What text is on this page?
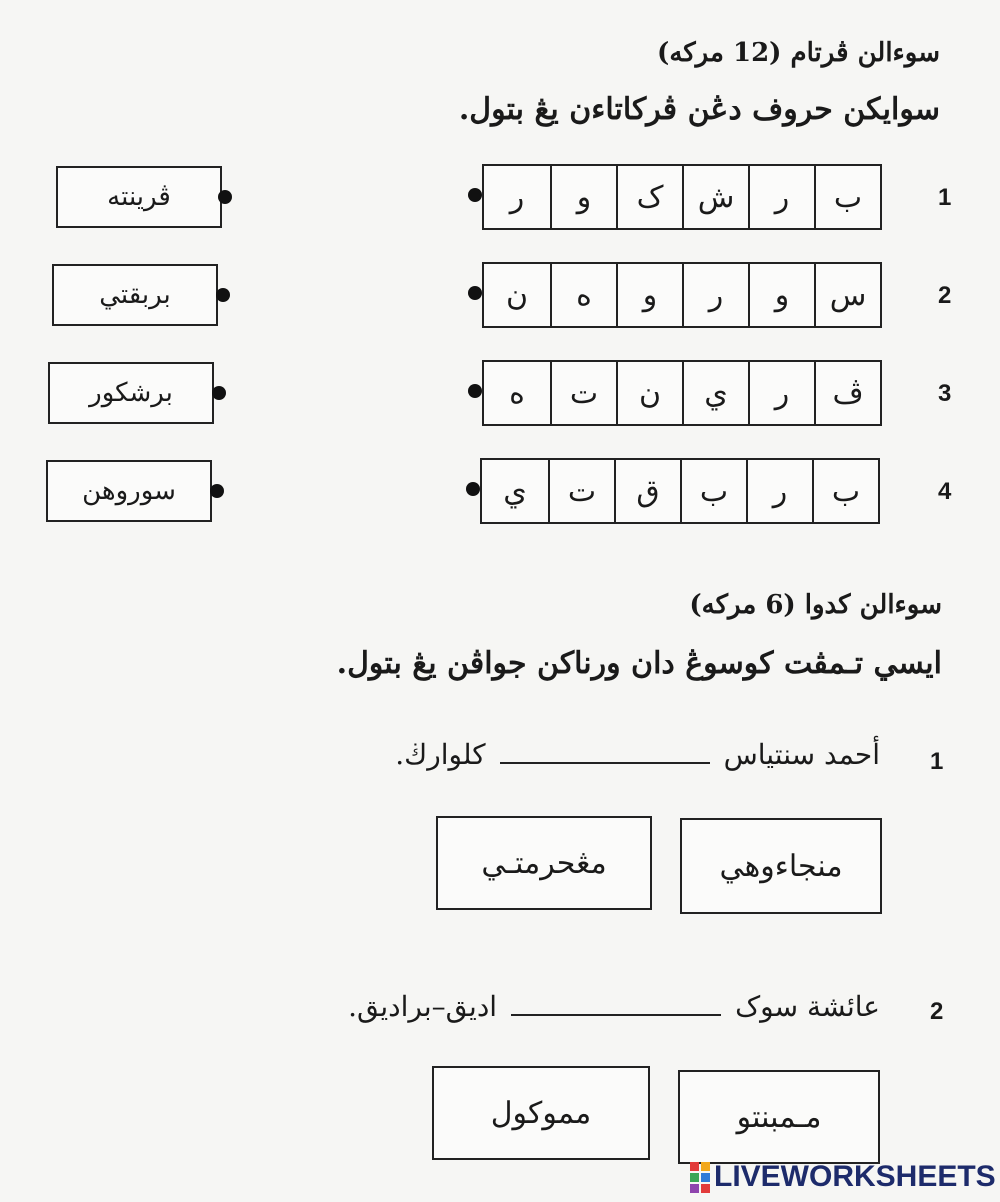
سوءالن ڤرتام (12 مركه)
سوايكن حروف دڠن ڤركاتاءن يڠ بتول.
1
ب
ر
ش
ک
و
ر
ڤرينته
2
س
و
ر
و
ه
ن
بربقتي
3
ڤ
ر
ي
ن
ت
ه
برشکور
4
ب
ر
ب
ق
ت
ي
سوروهن
سوءالن كدوا (6 مركه)
ايسي تـمڤت كوسوڠ دان ورناكن جواڤن يڠ بتول.
1
أحمد سنتياس
كلوارڬ.
منجاءوهي
مڠحرمتـي
2
عائشة سوک
اديق–براديق.
مـمبنتو
مموكول
LIVEWORKSHEETS
